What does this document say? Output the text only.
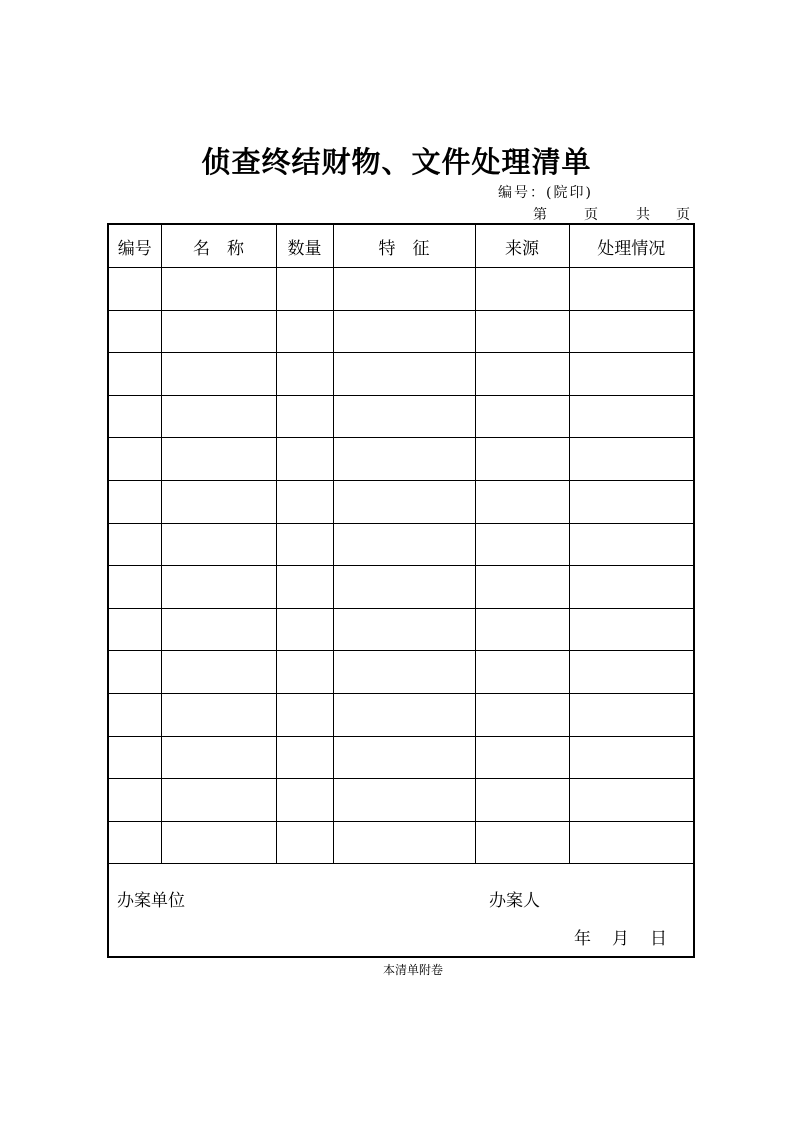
侦查终结财物、文件处理清单
编号：(院印)
第	页	共 页
编号	名　称	数量	特　征	来源	处理情况

办案单位 办案人
年 月 日					
本清单附卷
